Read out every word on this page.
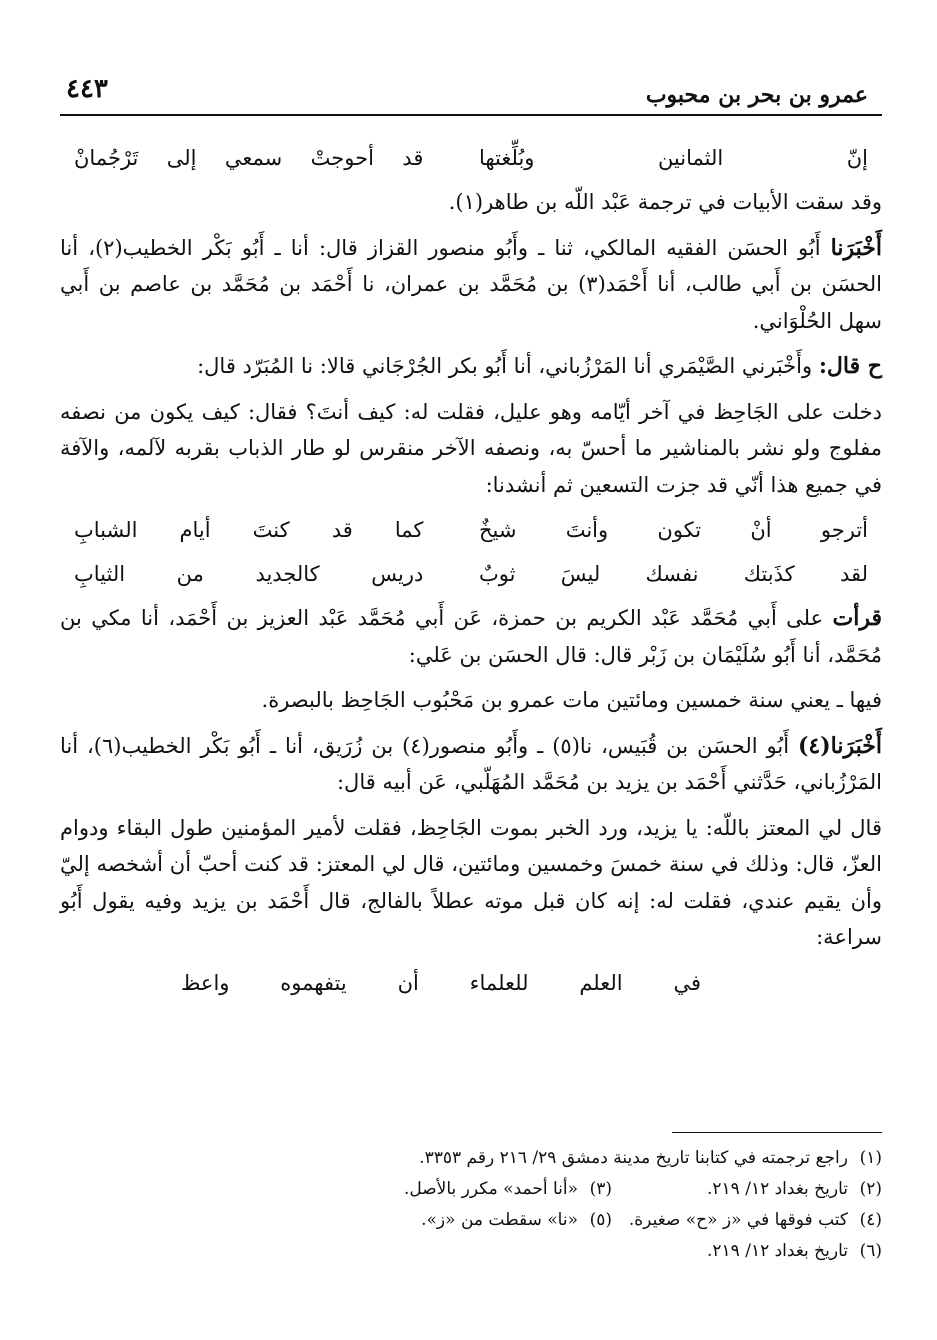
عمرو بن بحر بن محبوب
٤٤٣
إنّ الثمانين وبُلِّغتها
قد أحوجتْ سمعي إلى تَرْجُمانْ

وقد سقت الأبيات في ترجمة عَبْد اللّه بن طاهر(١).

أَخْبَرَنا أَبُو الحسَن الفقيه المالكي، ثنا ـ وأَبُو منصور القزاز قال: أنا ـ أَبُو بَكْر الخطيب(٢)، أنا الحسَن بن أَبي طالب، أنا أَحْمَد(٣) بن مُحَمَّد بن عمران، نا أَحْمَد بن مُحَمَّد بن عاصم بن أَبي سهل الحُلْوَاني.

ح قال: وأَخْبَرني الصَّيْمَري أنا المَرْزُباني، أنا أَبُو بكر الجُرْجَاني قالا: نا المُبَرّد قال:

دخلت على الجَاحِظ في آخر أيّامه وهو عليل، فقلت له: كيف أنتَ؟ فقال: كيف يكون من نصفه مفلوج ولو نشر بالمناشير ما أحسّ به، ونصفه الآخر منقرس لو طار الذباب بقربه لآلمه، والآفة في جميع هذا أنّي قد جزت التسعين ثم أنشدنا:

أترجو أنْ تكون وأنتَ شيخٌ
كما قد كنتَ أيام الشبابِ
لقد كذَبتك نفسك ليسَ ثوبٌ
دريس كالجديد من الثيابِ

قرأت على أَبي مُحَمَّد عَبْد الكريم بن حمزة، عَن أَبي مُحَمَّد عَبْد العزيز بن أَحْمَد، أنا مكي بن مُحَمَّد، أنا أَبُو سُلَيْمَان بن زَبْر قال: قال الحسَن بن عَلي:

فيها ـ يعني سنة خمسين ومائتين مات عمرو بن مَحْبُوب الجَاحِظ بالبصرة.

أَخْبَرَنا(٤) أَبُو الحسَن بن قُبَيس، نا(٥) ـ وأَبُو منصور(٤) بن زُرَيق، أنا ـ أَبُو بَكْر الخطيب(٦)، أنا المَرْزُباني، حَدَّثني أَحْمَد بن يزيد بن مُحَمَّد المُهَلّبي، عَن أبيه قال:

قال لي المعتز باللّه: يا يزيد، ورد الخبر بموت الجَاحِظ، فقلت لأمير المؤمنين طول البقاء ودوام العزّ، قال: وذلك في سنة خمسَ وخمسين ومائتين، قال لي المعتز: قد كنت أحبّ أن أشخصه إليّ وأن يقيم عندي، فقلت له: إنه كان قبل موته عطلاً بالفالج، قال أَحْمَد بن يزيد وفيه يقول أَبُو سراعة:

في العلم للعلماء أن يتفهموه واعظ
(١)
راجع ترجمته في كتابنا تاريخ مدينة دمشق ٢٩/ ٢١٦ رقم ٣٣٥٣.
(٢)
تاريخ بغداد ١٢/ ٢١٩.
(٣)
«أنا أحمد» مكرر بالأصل.
(٤)
كتب فوقها في «ز «ح» صغيرة.
(٥)
«نا» سقطت من «ز».
(٦)
تاريخ بغداد ١٢/ ٢١٩.
